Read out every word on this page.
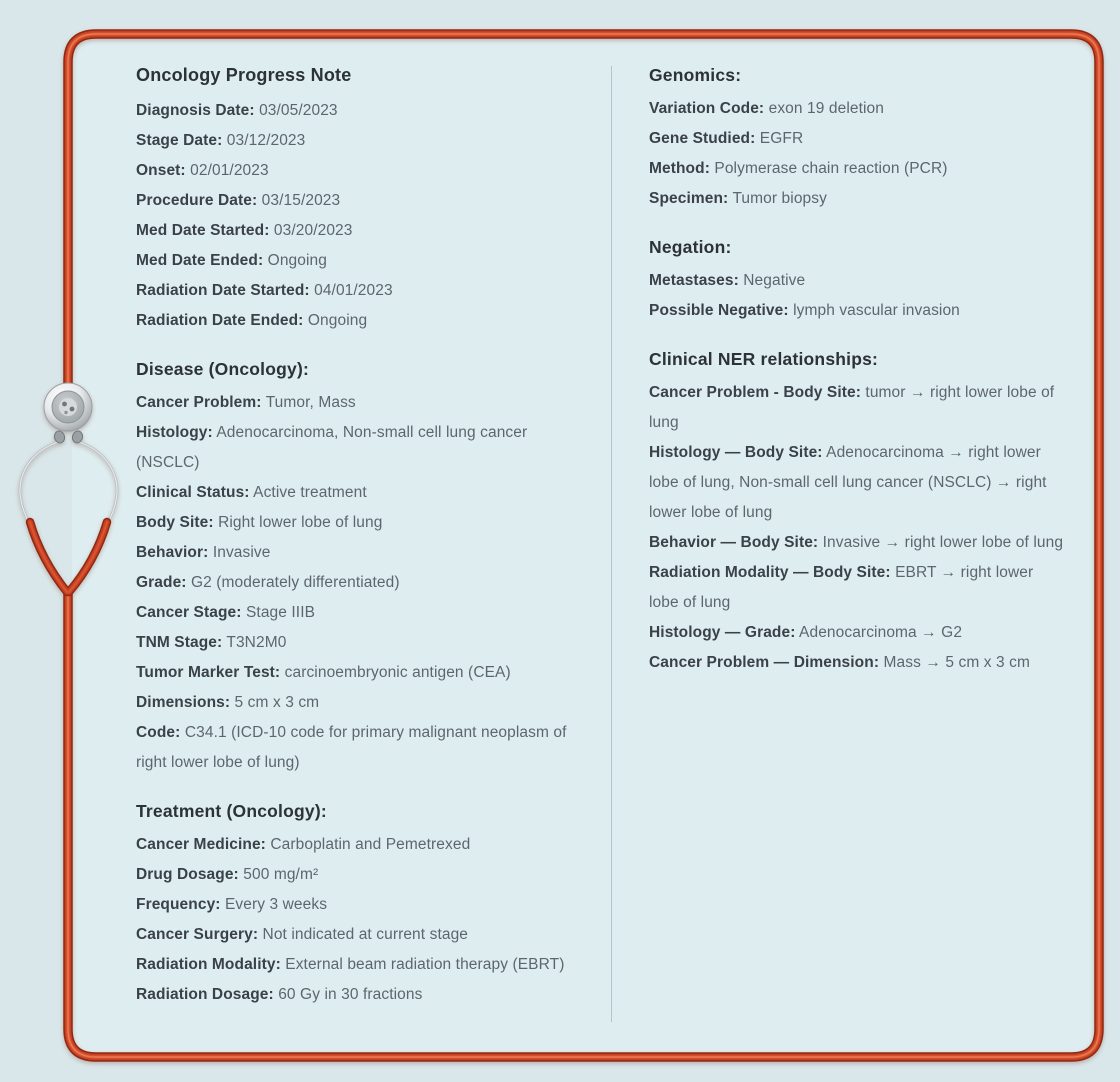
Oncology Progress Note

Diagnosis Date: 03/05/2023

Stage Date: 03/12/2023

Onset: 02/01/2023

Procedure Date: 03/15/2023

Med Date Started: 03/20/2023

Med Date Ended: Ongoing

Radiation Date Started: 04/01/2023

Radiation Date Ended: Ongoing

Disease (Oncology):

Cancer Problem: Tumor, Mass

Histology: Adenocarcinoma, Non-small cell lung cancer (NSCLC)

Clinical Status: Active treatment

Body Site: Right lower lobe of lung

Behavior: Invasive

Grade: G2 (moderately differentiated)

Cancer Stage: Stage IIIB

TNM Stage: T3N2M0

Tumor Marker Test: carcinoembryonic antigen (CEA)

Dimensions: 5 cm x 3 cm

Code: C34.1 (ICD-10 code for primary malignant neoplasm of right lower lobe of lung)

Treatment (Oncology):

Cancer Medicine: Carboplatin and Pemetrexed

Drug Dosage: 500 mg/m²

Frequency: Every 3 weeks

Cancer Surgery: Not indicated at current stage

Radiation Modality: External beam radiation therapy (EBRT)

Radiation Dosage: 60 Gy in 30 fractions

Genomics:

Variation Code: exon 19 deletion

Gene Studied: EGFR

Method: Polymerase chain reaction (PCR)

Specimen: Tumor biopsy

Negation:

Metastases: Negative

Possible Negative: lymph vascular invasion

Clinical NER relationships:

Cancer Problem - Body Site: tumor → right lower lobe of lung

Histology — Body Site: Adenocarcinoma → right lower lobe of lung, Non-small cell lung cancer (NSCLC) → right lower lobe of lung

Behavior — Body Site: Invasive → right lower lobe of lung

Radiation Modality — Body Site: EBRT → right lower lobe of lung

Histology — Grade: Adenocarcinoma → G2

Cancer Problem — Dimension: Mass → 5 cm x 3 cm
